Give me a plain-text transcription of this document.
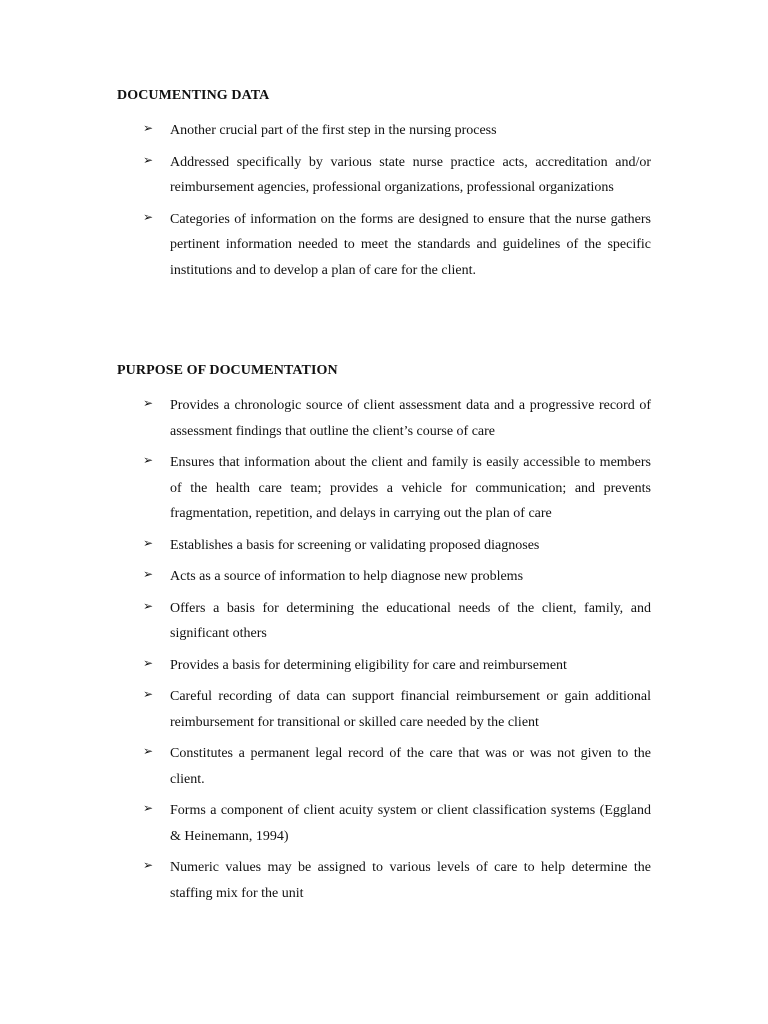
DOCUMENTING DATA
➢ Another crucial part of the first step in the nursing process
➢ Addressed specifically by various state nurse practice acts, accreditation and/or reimbursement agencies, professional organizations, professional organizations
➢ Categories of information on the forms are designed to ensure that the nurse gathers pertinent information needed to meet the standards and guidelines of the specific institutions and to develop a plan of care for the client.
PURPOSE OF DOCUMENTATION
➢ Provides a chronologic source of client assessment data and a progressive record of assessment findings that outline the client’s course of care
➢ Ensures that information about the client and family is easily accessible to members of the health care team; provides a vehicle for communication; and prevents fragmentation, repetition, and delays in carrying out the plan of care
➢ Establishes a basis for screening or validating proposed diagnoses
➢ Acts as a source of information to help diagnose new problems
➢ Offers a basis for determining the educational needs of the client, family, and significant others
➢ Provides a basis for determining eligibility for care and reimbursement
➢ Careful recording of data can support financial reimbursement or gain additional reimbursement for transitional or skilled care needed by the client
➢ Constitutes a permanent legal record of the care that was or was not given to the client.
➢ Forms a component of client acuity system or client classification systems (Eggland & Heinemann, 1994)
➢ Numeric values may be assigned to various levels of care to help determine the staffing mix for the unit
